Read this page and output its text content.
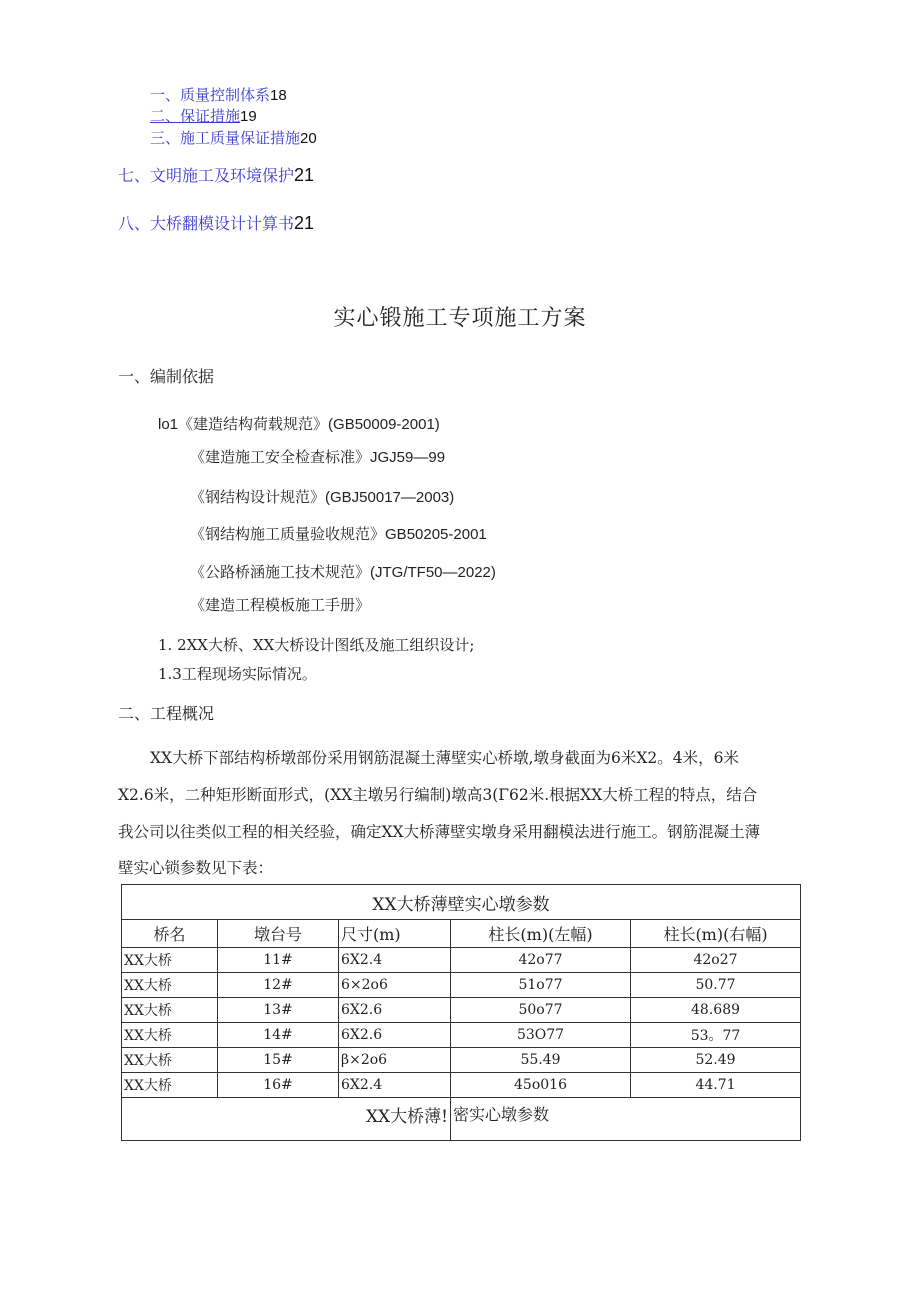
一、质量控制体系18
二、保证措施19
三、施工质量保证措施20
七、文明施工及环境保护21
八、大桥翻模设计计算书21
实心锻施工专项施工方案
一、编制依据
lo1《建造结构荷载规范》(GB50009-2001)
《建造施工安全检查标准》JGJ59—99
《钢结构设计规范》(GBJ50017—2003)
《钢结构施工质量验收规范》GB50205-2001
《公路桥涵施工技术规范》(JTG/TF50—2022)
《建造工程模板施工手册》
1. 2XX大桥、XX大桥设计图纸及施工组织设计;
1.3工程现场实际情况。
二、工程概况
XX大桥下部结构桥墩部份采用钢筋混凝土薄壁实心桥墩,墩身截面为6米X2。4米，6米
X2.6米，二种矩形断面形式，(XX主墩另行编制)墩高3(Γ62米.根据XX大桥工程的特点，结合
我公司以往类似工程的相关经验，确定XX大桥薄壁实墩身采用翻模法进行施工。钢筋混凝土薄
壁实心锁参数见下表：
XX大桥薄壁实心墩参数				
桥名	墩台号	尺寸(m)	柱长(m)(左幅)	柱长(m)(右幅)
XX大桥	11#	6X2.4	42o77	42o27
XX大桥	12#	6×2o6	51o77	50.77
XX大桥	13#	6X2.6	50o77	48.689
XX大桥	14#	6X2.6	53O77	53。77
XX大桥	15#	β×2o6	55.49	52.49
XX大桥	16#	6X2.4	45o016	44.71
XX大桥薄!			密实心墩参数	
